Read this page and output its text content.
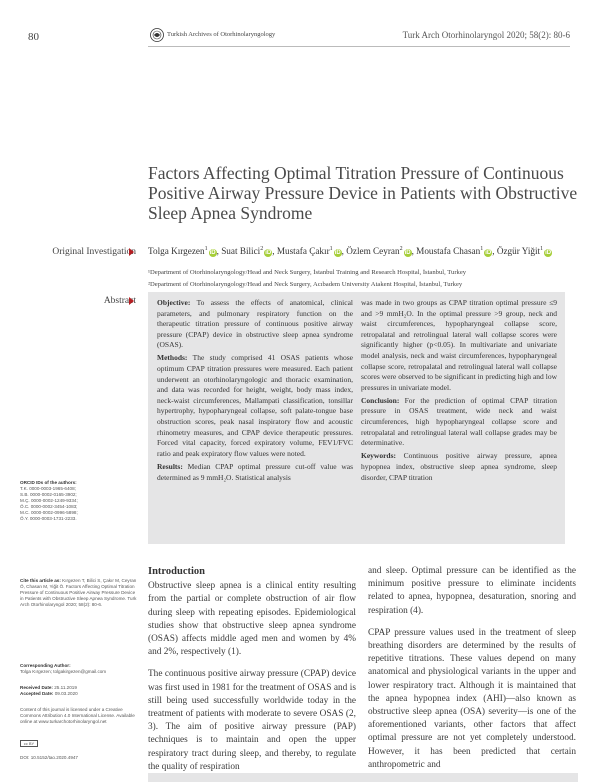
80	Turkish Archives of Otorhinolaryngology	Turk Arch Otorhinolaryngol 2020; 58(2): 80-6
Factors Affecting Optimal Titration Pressure of Continuous Positive Airway Pressure Device in Patients with Obstructive Sleep Apnea Syndrome
Original Investigation Tolga Kırgezen$^1$iD, Suat Bilici$^2$iD, Mustafa Çakır$^1$iD, Özlem Ceyran$^2$iD, Moustafa Chasan$^1$iD, Özgür Yiğit$^1$iD
¹Department of Otorhinolaryngology/Head and Neck Surgery, İstanbul Training and Research Hospital, İstanbul, Turkey
²Department of Otorhinolaryngology/Head and Neck Surgery, Acıbadem University Atakent Hospital, İstanbul, Turkey
Abstract	Objective: To assess the effects of anatomical, clinical parameters, and pulmonary respiratory function on the therapeutic titration pressure of continuous positive airway pressure (CPAP) device in obstructive sleep apnea syndrome (OSAS).

Methods: The study comprised 41 OSAS patients whose optimum CPAP titration pressures were measured. Each patient underwent an otorhinolaryngologic and thoracic examination, and data was recorded for height, weight, body mass index, neck-waist circumferences, Mallampati classification, tonsillar hypertrophy, hypopharyngeal collapse, soft palate-tongue base obstruction scores, peak nasal inspiratory flow and acoustic rhinometry measures, and CPAP device therapeutic pressures. Forced vital capacity, forced expiratory volume, FEV1/FVC ratio and peak expiratory flow values were noted.

Results: Median CPAP optimal pressure cut-off value was determined as 9 mmH₂O. Statistical analysis

was made in two groups as CPAP titration optimal pressure ≤9 and >9 mmH₂O. In the optimal pressure >9 group, neck and waist circumferences, hypopharyngeal collapse score, retropalatal and retrolingual lateral wall collapse scores were significantly higher (p<0.05). In multivariate and univariate model analysis, neck and waist circumferences, hypopharyngeal collapse score, retropalatal and retrolingual lateral wall collapse scores were observed to be significant in predicting high and low pressures in univariate model.

Conclusion: For the prediction of optimal CPAP titration pressure in OSAS treatment, wide neck and waist circumferences, high hypopharyngeal collapse score and retropalatal and retrolingual lateral wall collapse grades may be determinative.

Keywords: Continuous positive airway pressure, apnea hypopnea index, obstructive sleep apnea syndrome, sleep disorder, CPAP titration

ORCID IDs of the authors:
T.K. 0000-0003-1965-6408;
S.B. 0000-0002-0165-3902;
M.Ç. 0000-0002-1249-9334;
Ö.C. 0000-0002-3454-1083;
M.C. 0000-0002-0996-5898;
Ö.Y. 0000-0003-1731-2233.
Cite this article as: Kırgezen T, Bilici S, Çakır M, Ceyran Ö, Chasan M, Yiğit Ö. Factors Affecting Optimal Titration Pressure of Continuous Positive Airway Pressure Device in Patients with Obstructive Sleep Apnea Syndrome. Turk Arch Otorhinolaryngol 2020; 58(2): 80-6.
Corresponding Author:
Tolga Kırgezen; tolgakirgezen@gmail.com
Received Date: 25.11.2019
Accepted Date: 09.03.2020
Content of this journal is licensed under a Creative Commons Attribution 4.0 International License. Available online at www.turkarchotorhinolaryngol.net
cc BY
DOI: 10.5152/tao.2020.4947
Introduction

Obstructive sleep apnea is a clinical entity resulting from the partial or complete obstruction of air flow during sleep with repeating episodes. Epidemiological studies show that obstructive sleep apnea syndrome (OSAS) affects middle aged men and women by 4% and 2%, respectively (1).

The continuous positive airway pressure (CPAP) device was first used in 1981 for the treatment of OSAS and is still being used successfully worldwide today in the treatment of patients with moderate to severe OSAS (2, 3). The aim of positive airway pressure (PAP) techniques is to maintain and open the upper respiratory tract during sleep, and thereby, to regulate the quality of respiration

and sleep. Optimal pressure can be identified as the minimum positive pressure to eliminate incidents related to apnea, hypopnea, desaturation, snoring and respiration (4).

CPAP pressure values used in the treatment of sleep breathing disorders are determined by the results of repetitive titrations. These values depend on many anatomical and physiological variants in the upper and lower respiratory tract. Although it is maintained that the apnea hypopnea index (AHI)—also known as obstructive sleep apnea (OSA) severity—is one of the aforementioned variants, other factors that affect optimal pressure are not yet completely understood. However, it has been predicted that certain anthropometric and
